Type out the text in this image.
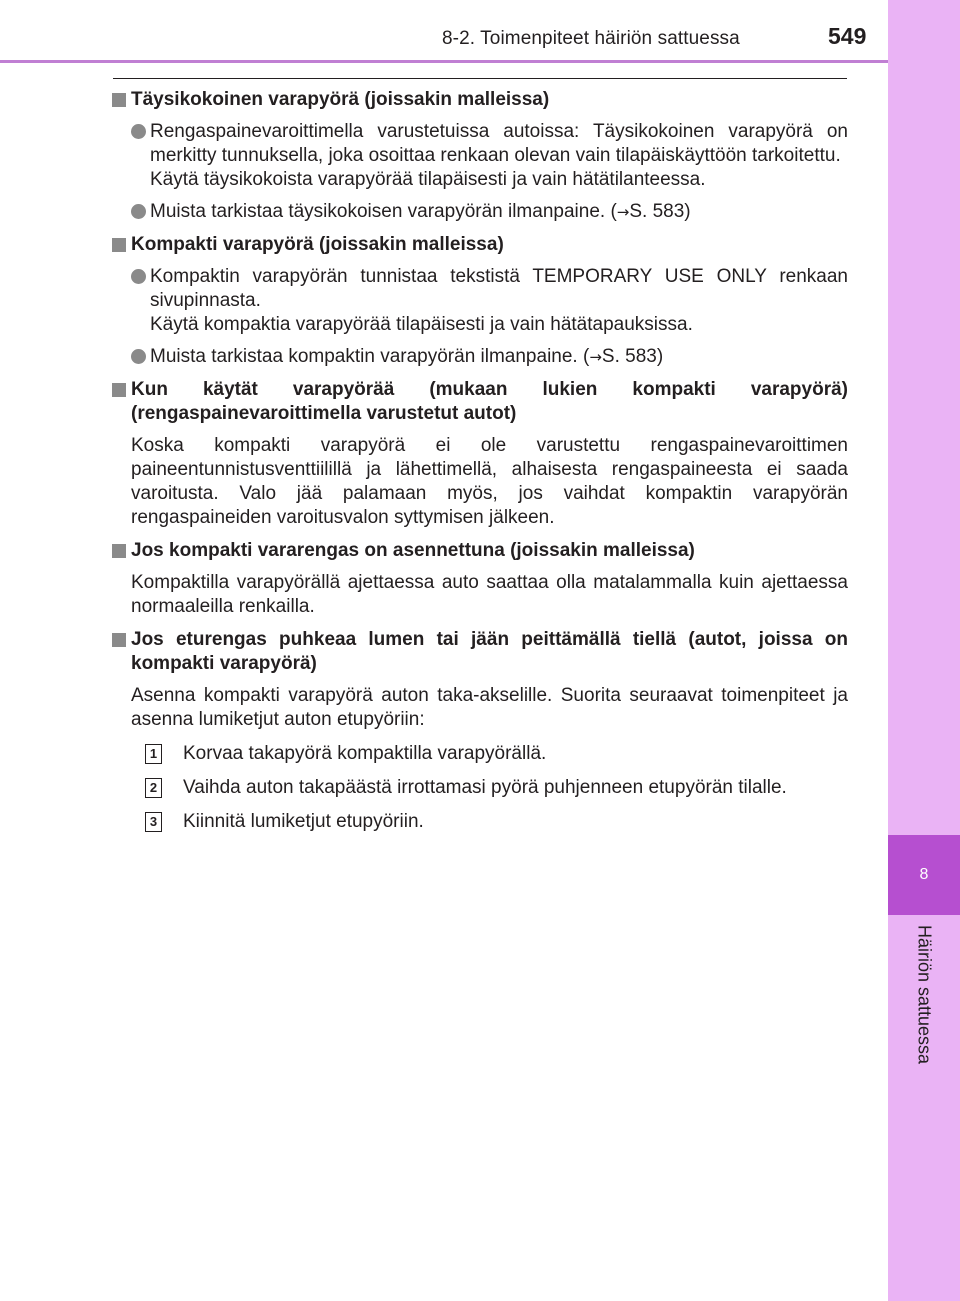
8-2. Toimenpiteet häiriön sattuessa	549
8
Häiriön sattuessa
Täysikokoinen varapyörä (joissakin malleissa)
Rengaspainevaroittimella varustetuissa autoissa: Täysikokoinen varapyörä on merkitty tunnuksella, joka osoittaa renkaan olevan vain tilapäiskäyttöön tarkoitettu.
Käytä täysikokoista varapyörää tilapäisesti ja vain hätätilanteessa.
Muista tarkistaa täysikokoisen varapyörän ilmanpaine. (→S. 583)
Kompakti varapyörä (joissakin malleissa)
Kompaktin varapyörän tunnistaa tekstistä TEMPORARY USE ONLY renkaan sivupinnasta.
Käytä kompaktia varapyörää tilapäisesti ja vain hätätapauksissa.
Muista tarkistaa kompaktin varapyörän ilmanpaine. (→S. 583)
Kun käytät varapyörää (mukaan lukien kompakti varapyörä) (rengaspainevaroittimella varustetut autot)
Koska kompakti varapyörä ei ole varustettu rengaspainevaroittimen paineentunnistusventtiilillä ja lähettimellä, alhaisesta rengaspaineesta ei saada varoitusta. Valo jää palamaan myös, jos vaihdat kompaktin varapyörän rengaspaineiden varoitusvalon syttymisen jälkeen.
Jos kompakti vararengas on asennettuna (joissakin malleissa)
Kompaktilla varapyörällä ajettaessa auto saattaa olla matalammalla kuin ajettaessa normaaleilla renkailla.
Jos eturengas puhkeaa lumen tai jään peittämällä tiellä (autot, joissa on kompakti varapyörä)
Asenna kompakti varapyörä auton taka-akselille. Suorita seuraavat toimenpiteet ja asenna lumiketjut auton etupyöriin:
1 Korvaa takapyörä kompaktilla varapyörällä.
2 Vaihda auton takapäästä irrottamasi pyörä puhjenneen etupyörän tilalle.
3 Kiinnitä lumiketjut etupyöriin.
